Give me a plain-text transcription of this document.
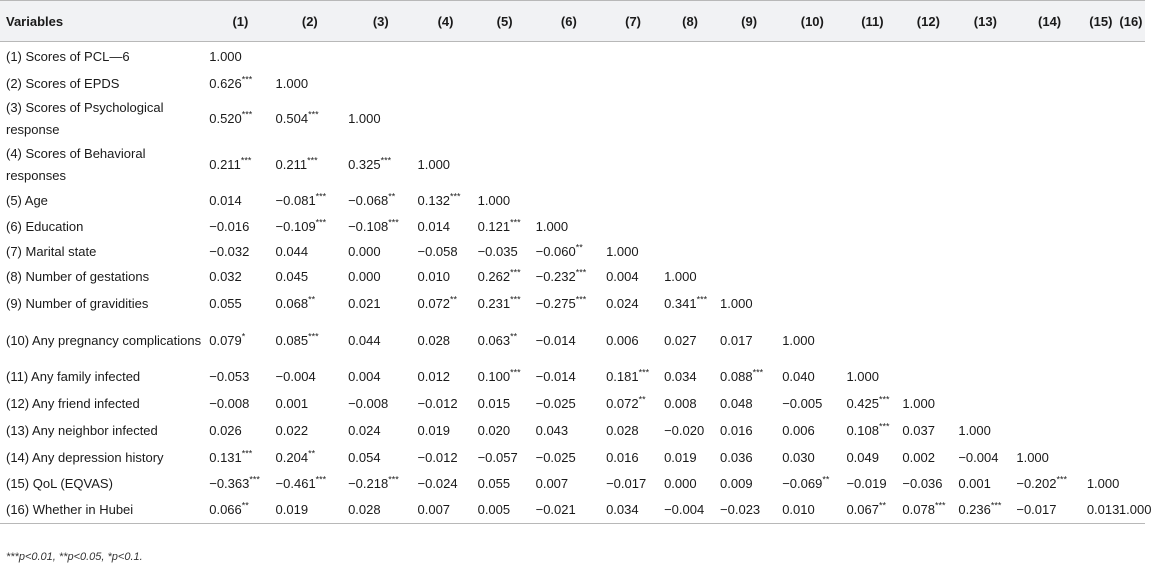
Variables	(1)	(2)	(3)	(4)	(5)	(6)	(7)	(8)	(9)	(10)	(11)	(12)	(13)	(14)	(15)	(16)
(1) Scores of PCL—6	1.000															
(2) Scores of EPDS	0.626***	1.000														
(3) Scores of Psychological response	0.520***	0.504***	1.000													
(4) Scores of Behavioral responses	0.211***	0.211***	0.325***	1.000												
(5) Age	0.014	−0.081***	−0.068**	0.132***	1.000											
(6) Education	−0.016	−0.109***	−0.108***	0.014	0.121***	1.000										
(7) Marital state	−0.032	0.044	0.000	−0.058	−0.035	−0.060**	1.000									
(8) Number of gestations	0.032	0.045	0.000	0.010	0.262***	−0.232***	0.004	1.000								
(9) Number of gravidities	0.055	0.068**	0.021	0.072**	0.231***	−0.275***	0.024	0.341***	1.000							
(10) Any pregnancy complications	0.079*	0.085***	0.044	0.028	0.063**	−0.014	0.006	0.027	0.017	1.000						
(11) Any family infected	−0.053	−0.004	0.004	0.012	0.100***	−0.014	0.181***	0.034	0.088***	0.040	1.000					
(12) Any friend infected	−0.008	0.001	−0.008	−0.012	0.015	−0.025	0.072**	0.008	0.048	−0.005	0.425***	1.000				
(13) Any neighbor infected	0.026	0.022	0.024	0.019	0.020	0.043	0.028	−0.020	0.016	0.006	0.108***	0.037	1.000			
(14) Any depression history	0.131***	0.204**	0.054	−0.012	−0.057	−0.025	0.016	0.019	0.036	0.030	0.049	0.002	−0.004	1.000		
(15) QoL (EQVAS)	−0.363***	−0.461***	−0.218***	−0.024	0.055	0.007	−0.017	0.000	0.009	−0.069**	−0.019	−0.036	0.001	−0.202***	1.000	
(16) Whether in Hubei	0.066**	0.019	0.028	0.007	0.005	−0.021	0.034	−0.004	−0.023	0.010	0.067**	0.078***	0.236***	−0.017	0.013	1.000
***p<0.01, **p<0.05, *p<0.1.
